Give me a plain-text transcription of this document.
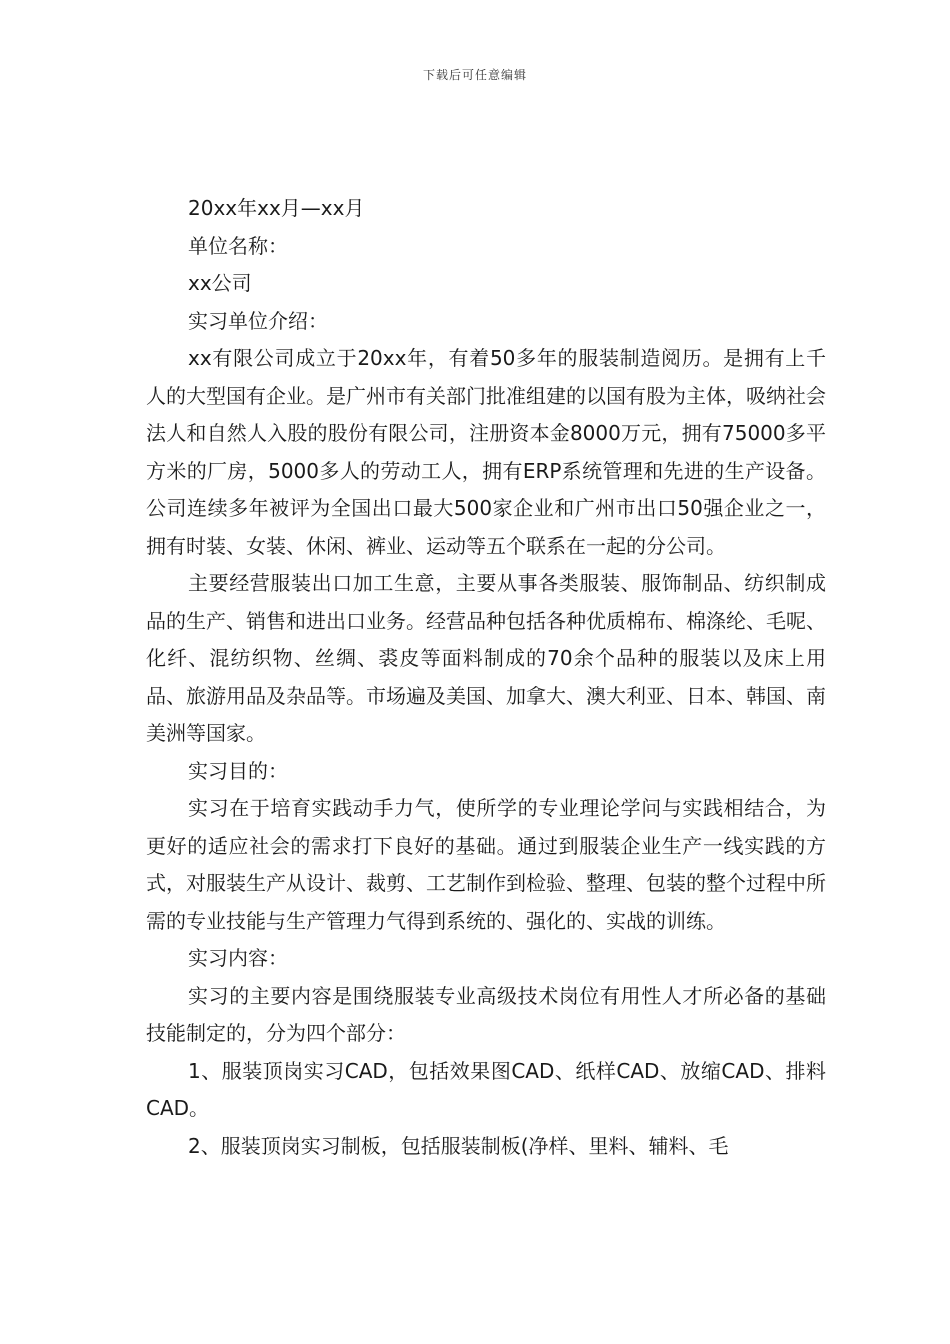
下载后可任意编辑

20xx年xx月—xx月

单位名称：

xx公司

实习单位介绍：

xx有限公司成立于20xx年，有着50多年的服装制造阅历。是拥有上千人的大型国有企业。是广州市有关部门批准组建的以国有股为主体，吸纳社会法人和自然人入股的股份有限公司，注册资本金8000万元，拥有75000多平方米的厂房，5000多人的劳动工人，拥有ERP系统管理和先进的生产设备。公司连续多年被评为全国出口最大500家企业和广州市出口50强企业之一，拥有时装、女装、休闲、裤业、运动等五个联系在一起的分公司。

主要经营服装出口加工生意，主要从事各类服装、服饰制品、纺织制成品的生产、销售和进出口业务。经营品种包括各种优质棉布、棉涤纶、毛呢、化纤、混纺织物、丝绸、裘皮等面料制成的70余个品种的服装以及床上用品、旅游用品及杂品等。市场遍及美国、加拿大、澳大利亚、日本、韩国、南美洲等国家。

实习目的：

实习在于培育实践动手力气，使所学的专业理论学问与实践相结合，为更好的适应社会的需求打下良好的基础。通过到服装企业生产一线实践的方式，对服装生产从设计、裁剪、工艺制作到检验、整理、包装的整个过程中所需的专业技能与生产管理力气得到系统的、强化的、实战的训练。

实习内容：

实习的主要内容是围绕服装专业高级技术岗位有用性人才所必备的基础技能制定的，分为四个部分：

1、服装顶岗实习CAD，包括效果图CAD、纸样CAD、放缩CAD、排料CAD。

2、服装顶岗实习制板，包括服装制板(净样、里料、辅料、毛
